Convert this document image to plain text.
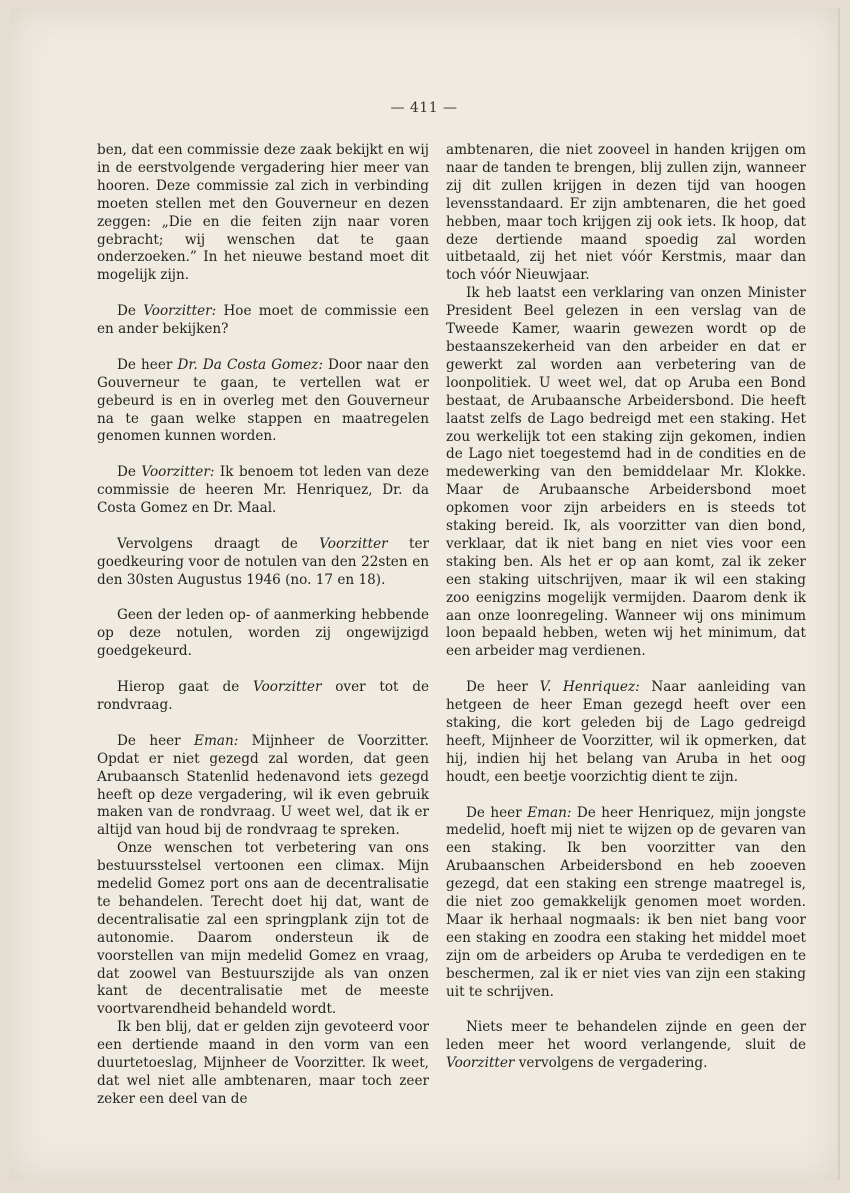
— 411 —

ben, dat een commissie deze zaak bekijkt en wij in de eerstvolgende vergadering hier meer van hooren. Deze commissie zal zich in verbinding moeten stellen met den Gouverneur en dezen zeggen: „Die en die feiten zijn naar voren gebracht; wij wenschen dat te gaan onderzoeken.” In het nieuwe bestand moet dit mogelijk zijn.

De Voorzitter: Hoe moet de commissie een en ander bekijken?

De heer Dr. Da Costa Gomez: Door naar den Gouverneur te gaan, te vertellen wat er gebeurd is en in overleg met den Gouverneur na te gaan welke stappen en maatregelen genomen kunnen worden.

De Voorzitter: Ik benoem tot leden van deze commissie de heeren Mr. Henriquez, Dr. da Costa Gomez en Dr. Maal.

Vervolgens draagt de Voorzitter ter goedkeuring voor de notulen van den 22sten en den 30sten Augustus 1946 (no. 17 en 18).

Geen der leden op- of aanmerking hebbende op deze notulen, worden zij ongewijzigd goedgekeurd.

Hierop gaat de Voorzitter over tot de rondvraag.

De heer Eman: Mijnheer de Voorzitter. Opdat er niet gezegd zal worden, dat geen Arubaansch Statenlid hedenavond iets gezegd heeft op deze vergadering, wil ik even gebruik maken van de rondvraag. U weet wel, dat ik er altijd van houd bij de rondvraag te spreken.

Onze wenschen tot verbetering van ons bestuursstelsel vertoonen een climax. Mijn medelid Gomez port ons aan de decentralisatie te behandelen. Terecht doet hij dat, want de decentralisatie zal een springplank zijn tot de autonomie. Daarom ondersteun ik de voorstellen van mijn medelid Gomez en vraag, dat zoowel van Bestuurszijde als van onzen kant de decentralisatie met de meeste voortvarendheid behandeld wordt.

Ik ben blij, dat er gelden zijn gevoteerd voor een dertiende maand in den vorm van een duurtetoeslag, Mijnheer de Voorzitter. Ik weet, dat wel niet alle ambtenaren, maar toch zeer zeker een deel van de

ambtenaren, die niet zooveel in handen krijgen om naar de tanden te brengen, blij zullen zijn, wanneer zij dit zullen krijgen in dezen tijd van hoogen levensstandaard. Er zijn ambtenaren, die het goed hebben, maar toch krijgen zij ook iets. Ik hoop, dat deze dertiende maand spoedig zal worden uitbetaald, zij het niet vóór Kerstmis, maar dan toch vóór Nieuwjaar.

Ik heb laatst een verklaring van onzen Minister President Beel gelezen in een verslag van de Tweede Kamer, waarin gewezen wordt op de bestaanszekerheid van den arbeider en dat er gewerkt zal worden aan verbetering van de loonpolitiek. U weet wel, dat op Aruba een Bond bestaat, de Arubaansche Arbeidersbond. Die heeft laatst zelfs de Lago bedreigd met een staking. Het zou werkelijk tot een staking zijn gekomen, indien de Lago niet toegestemd had in de condities en de medewerking van den bemiddelaar Mr. Klokke. Maar de Arubaansche Arbeidersbond moet opkomen voor zijn arbeiders en is steeds tot staking bereid. Ik, als voorzitter van dien bond, verklaar, dat ik niet bang en niet vies voor een staking ben. Als het er op aan komt, zal ik zeker een staking uitschrijven, maar ik wil een staking zoo eenigzins mogelijk vermijden. Daarom denk ik aan onze loonregeling. Wanneer wij ons minimum loon bepaald hebben, weten wij het minimum, dat een arbeider mag verdienen.

De heer V. Henriquez: Naar aanleiding van hetgeen de heer Eman gezegd heeft over een staking, die kort geleden bij de Lago gedreigd heeft, Mijnheer de Voorzitter, wil ik opmerken, dat hij, indien hij het belang van Aruba in het oog houdt, een beetje voorzichtig dient te zijn.

De heer Eman: De heer Henriquez, mijn jongste medelid, hoeft mij niet te wijzen op de gevaren van een staking. Ik ben voorzitter van den Arubaanschen Arbeidersbond en heb zooeven gezegd, dat een staking een strenge maatregel is, die niet zoo gemakkelijk genomen moet worden. Maar ik herhaal nogmaals: ik ben niet bang voor een staking en zoodra een staking het middel moet zijn om de arbeiders op Aruba te verdedigen en te beschermen, zal ik er niet vies van zijn een staking uit te schrijven.

Niets meer te behandelen zijnde en geen der leden meer het woord verlangende, sluit de Voorzitter vervolgens de vergadering.
